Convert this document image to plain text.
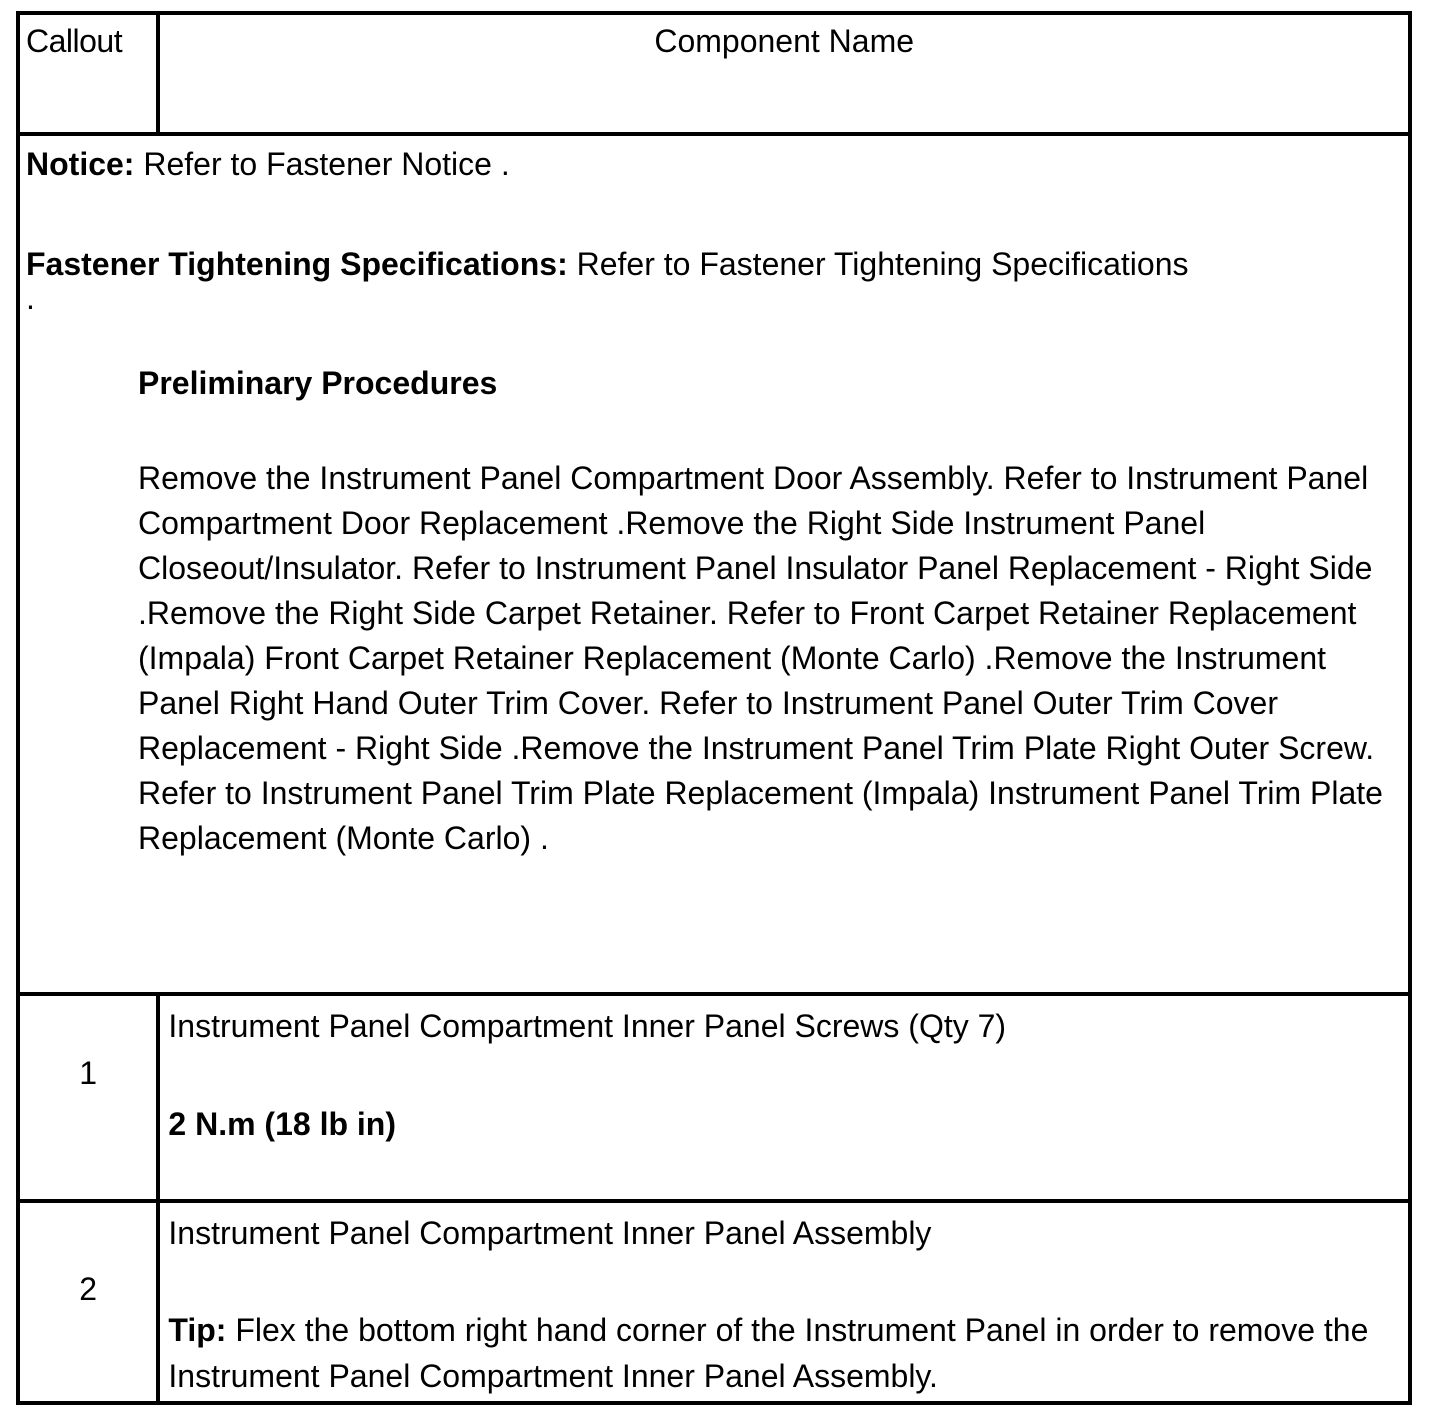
Callout	Component Name

Notice: Refer to Fastener Notice .

Fastener Tightening Specifications: Refer to Fastener Tightening Specifications

.

Preliminary Procedures

Remove the Instrument Panel Compartment Door Assembly. Refer to Instrument Panel Compartment Door Replacement .Remove the Right Side Instrument Panel Closeout/Insulator. Refer to Instrument Panel Insulator Panel Replacement - Right Side .Remove the Right Side Carpet Retainer. Refer to Front Carpet Retainer Replacement (Impala) Front Carpet Retainer Replacement (Monte Carlo) .Remove the Instrument Panel Right Hand Outer Trim Cover. Refer to Instrument Panel Outer Trim Cover Replacement - Right Side .Remove the Instrument Panel Trim Plate Right Outer Screw. Refer to Instrument Panel Trim Plate Replacement (Impala) Instrument Panel Trim Plate Replacement (Monte Carlo) .	

1	Instrument Panel Compartment Inner Panel Screws (Qty 7)

2 N.m (18 lb in)

2	Instrument Panel Compartment Inner Panel Assembly

Tip: Flex the bottom right hand corner of the Instrument Panel in order to remove the Instrument Panel Compartment Inner Panel Assembly.
